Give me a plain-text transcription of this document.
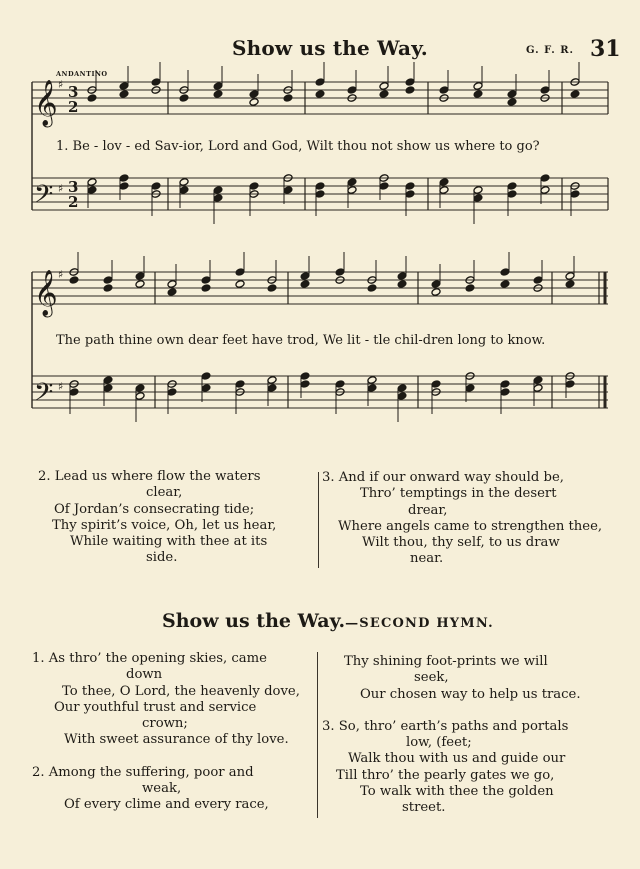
Show us the Way.	G. F. R. 31
ANDANTINO
𝄞
𝄢
𝄞
𝄢
♯
♯
♯
♯
3
2
3
2
1. Be - lov - ed Sav-ior, Lord and God, Wilt thou not show us where to go?
The path thine own dear feet have trod, We lit - tle chil-dren long to know.
2. Lead us where flow the waters
clear,
Of Jordan’s consecrating tide;
Thy spirit’s voice, Oh, let us hear,
While waiting with thee at its
side.
3. And if our onward way should be,
Thro’ temptings in the desert
drear,
Where angels came to strengthen thee,
Wilt thou, thy self, to us draw
near.
Show us the Way.—SECOND HYMN.
1. As thro’ the opening skies, came
down
To thee, O Lord, the heavenly dove,
Our youthful trust and service
crown;
With sweet assurance of thy love.
2. Among the suffering, poor and
weak,
Of every clime and every race,
Thy shining foot-prints we will
seek,
Our chosen way to help us trace.
3. So, thro’ earth’s paths and portals
low, (feet;
Walk thou with us and guide our
Till thro’ the pearly gates we go,
To walk with thee the golden
street.
